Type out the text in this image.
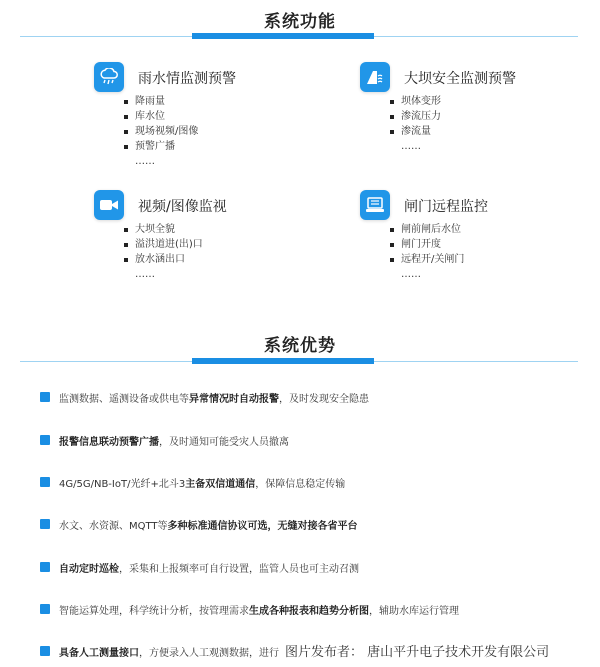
系统功能
雨水情监测预警
降雨量
库水位
现场视频/图像
预警广播
……
大坝安全监测预警
坝体变形
渗流压力
渗流量
……
视频/图像监视
大坝全貌
溢洪道进(出)口
放水涵出口
……
闸门远程监控
闸前闸后水位
闸门开度
远程开/关闸门
……
系统优势
监测数据、遥测设备或供电等异常情况时自动报警，及时发现安全隐患
报警信息联动预警广播，及时通知可能受灾人员撤离
4G/5G/NB-IoT/光纤+北斗3主备双信道通信，保障信息稳定传输
水文、水资源、MQTT等多种标准通信协议可选，无缝对接各省平台
自动定时巡检，采集和上报频率可自行设置，监管人员也可主动召测
智能运算处理，科学统计分析，按管理需求生成各种报表和趋势分析图，辅助水库运行管理
具备人工测量接口，方便录入人工观测数据，进行 图片发布者： 唐山平升电子技术开发有限公司
